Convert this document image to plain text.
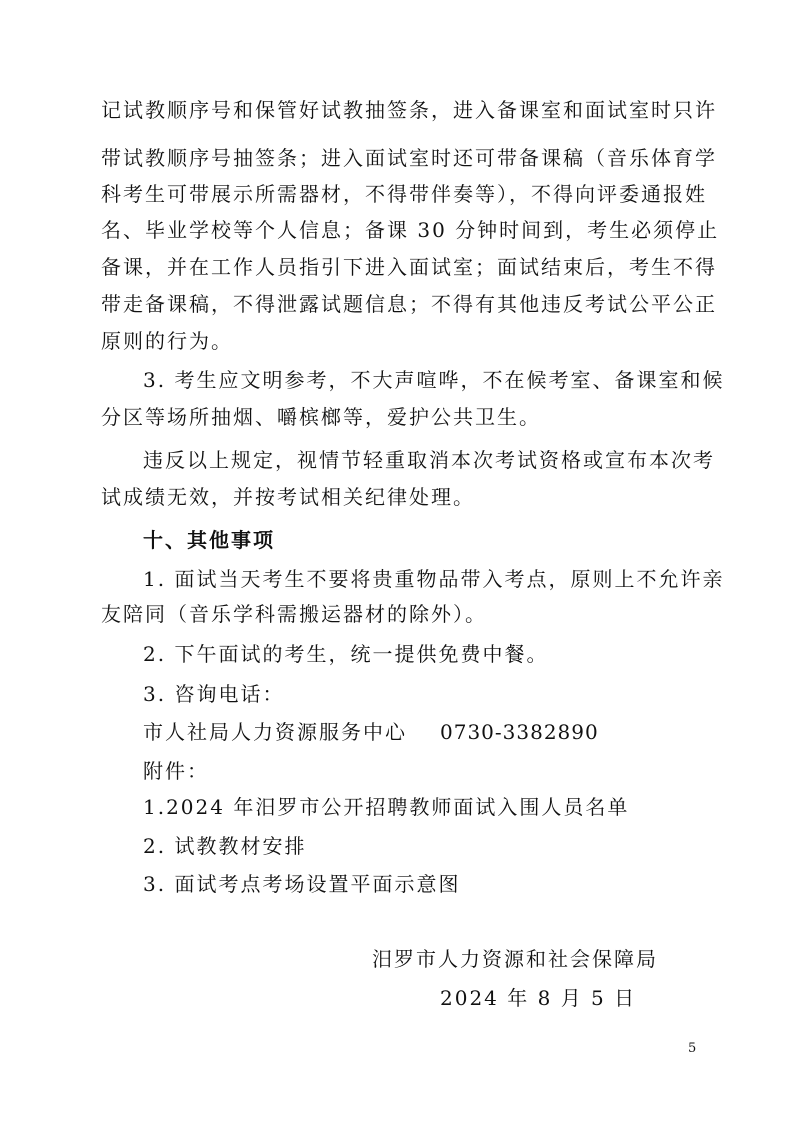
记试教顺序号和保管好试教抽签条，进入备课室和面试室时只许
带试教顺序号抽签条；进入面试室时还可带备课稿（音乐体育学
科考生可带展示所需器材，不得带伴奏等），不得向评委通报姓
名、毕业学校等个人信息；备课 30 分钟时间到，考生必须停止
备课，并在工作人员指引下进入面试室；面试结束后，考生不得
带走备课稿，不得泄露试题信息；不得有其他违反考试公平公正
原则的行为。
3. 考生应文明参考，不大声喧哗，不在候考室、备课室和候
分区等场所抽烟、嚼槟榔等，爱护公共卫生。
违反以上规定，视情节轻重取消本次考试资格或宣布本次考
试成绩无效，并按考试相关纪律处理。
十、其他事项
1. 面试当天考生不要将贵重物品带入考点，原则上不允许亲
友陪同（音乐学科需搬运器材的除外）。
2. 下午面试的考生，统一提供免费中餐。
3. 咨询电话：
市人社局人力资源服务中心 0730-3382890
附件：
1.2024 年汨罗市公开招聘教师面试入围人员名单
2. 试教教材安排
3. 面试考点考场设置平面示意图
汨罗市人力资源和社会保障局
2024 年 8 月 5 日
5
